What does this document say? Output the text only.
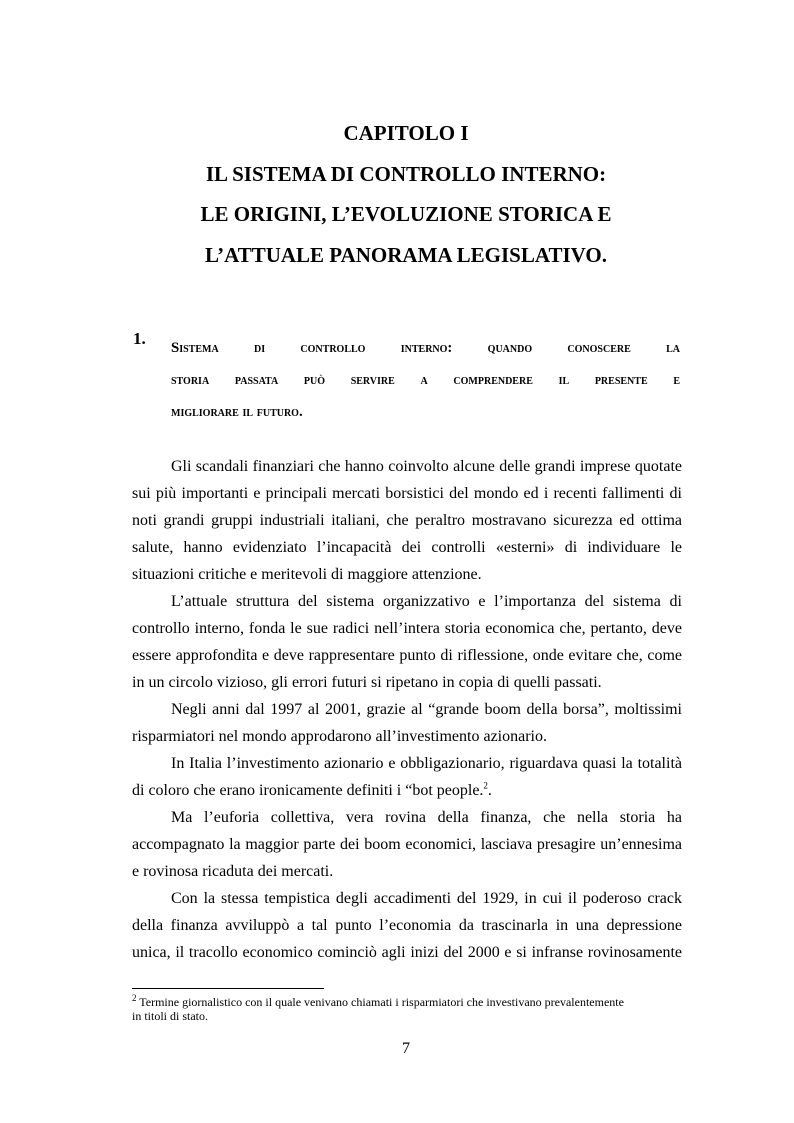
CAPITOLO I
IL SISTEMA DI CONTROLLO INTERNO:
LE ORIGINI, L’EVOLUZIONE STORICA E
L’ATTUALE PANORAMA LEGISLATIVO.
1. Sistema di controllo interno: quando conoscere la
storia passata può servire a comprendere il presente e
migliorare il futuro.
Gli scandali finanziari che hanno coinvolto alcune delle grandi imprese quotate
sui più importanti e principali mercati borsistici del mondo ed i recenti fallimenti di
noti grandi gruppi industriali italiani, che peraltro mostravano sicurezza ed ottima
salute, hanno evidenziato l’incapacità dei controlli «esterni» di individuare le
situazioni critiche e meritevoli di maggiore attenzione.
L’attuale struttura del sistema organizzativo e l’importanza del sistema di
controllo interno, fonda le sue radici nell’intera storia economica che, pertanto, deve
essere approfondita e deve rappresentare punto di riflessione, onde evitare che, come
in un circolo vizioso, gli errori futuri si ripetano in copia di quelli passati.
Negli anni dal 1997 al 2001, grazie al “grande boom della borsa”, moltissimi
risparmiatori nel mondo approdarono all’investimento azionario.
In Italia l’investimento azionario e obbligazionario, riguardava quasi la totalità
di coloro che erano ironicamente definiti i “bot people.$^2$.
Ma l’euforia collettiva, vera rovina della finanza, che nella storia ha
accompagnato la maggior parte dei boom economici, lasciava presagire un’ennesima
e rovinosa ricaduta dei mercati.
Con la stessa tempistica degli accadimenti del 1929, in cui il poderoso crack
della finanza avviluppò a tal punto l’economia da trascinarla in una depressione
unica, il tracollo economico cominciò agli inizi del 2000 e si infranse rovinosamente
$^2$ Termine giornalistico con il quale venivano chiamati i risparmiatori che investivano prevalentemente
in titoli di stato.
7
